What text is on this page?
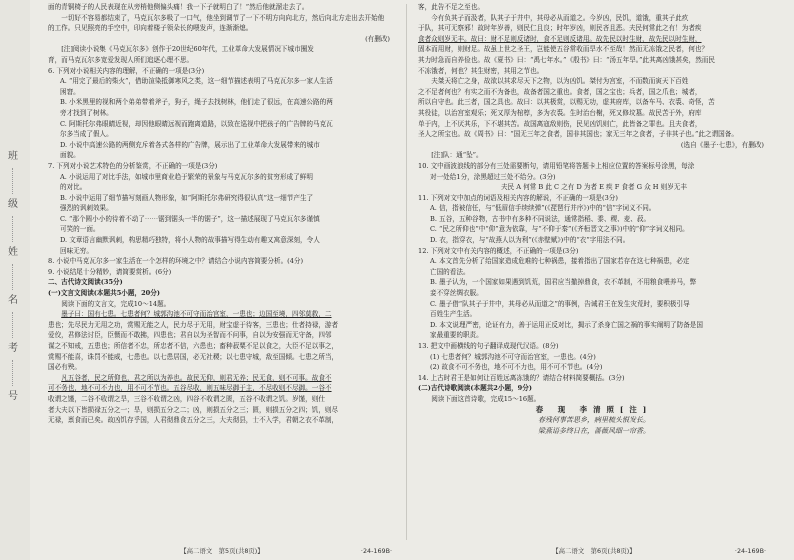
班
级
姓
名
考
号
面的青铜椅子的人民表现在从旁梢他侧偏头痛！我一下子就明白了！”然后他就溜走去了。
一切好不容易都结束了，马克瓦尔多吸了一口气，他坐到调节了一下不明方向向北方，然后向北方走出去开始他
的工作。只见照亮的手空中，印向着楼子领朵长的喂发声，连渐渐熄。
(有删改)
[注]阅读小说集《马克瓦尔多》创作于20世纪60年代，工业革命大发展情况下城市圈发
育，而马克瓦尔多宽爱发现人所们追逐心理不思。
6. 下列对小说相关内容的理解，不正确的一项是(3分)
A. “用完了最后的柴火”，借助渲染抵御寒风之类，这一细节描述表明了马克瓦尔多一家人生活
困窘。
B. 小米黑里的视和两个弟弟带着斧子，狗子，绳子去找树林，他们走了很远，在高速公路的两
旁才找到了树林。
C. 阿斯托尔弗眼睛近视，却因他眼睛远视而跑离道路，以致在巡视中把孩子的广告牌的马克瓦
尔多当成了假人。
D. 小说中高速公路的两侧充斥着各式各样的广告牌，展示出了工业革命大发展带来的城市
面貌。
7. 下列对小说艺术特色的分析鉴赏，不正确的一项是(3分)
A. 小说运用了对比手法，如城市里商业趋于繁荣的景象与马克瓦尔多的贫穷形成了鲜明
的对比。
B. 小说中运用了细节描写刻画人物形象，如“阿斯托尔弗研究得很认真”这一细节产生了
强烈的讽刺效果。
C. “那个圆小小的待着不动了⋯⋯锯到锯头一半的锯子”，这一描述展现了马克瓦尔多谨慎
可笑的一面。
D. 文章语言幽默讽刺，构思精巧独特，将小人物的故事描写得生动有趣又寓意深刻，令人
回味无穷。
8. 小说中马克瓦尔多一家生活在一个怎样的环境之中？请结合小说内容简要分析。(4分)
9. 小说结尾十分精妙，请简要赏析。(6分)
二、古代诗文阅读(35分)
(一)文言文阅读(本题共5小题，20分)
阅读下面的文言文，完成10～14题。
墨子曰：国有七患。七患者何？城郭沟池不可守而治宫室，一患也；边国至境，四邻莫救，二
患也；先尽民力无用之功，赏赐无能之人，民力尽于无用，财宝虚于待客，三患也；仕者持禄，游者
爱佼，君修法讨臣，臣慑而不敢拂，四患也；君自以为圣智而不问事，自以为安强而无守备，四邻
谋之不知戒，五患也；所信者不忠，所忠者不信，六患也；畜种菽粟不足以食之，大臣不足以事之，
赏赐不能喜，诛罚不能威，七患也。以七患居国，必无社稷；以七患守城，敌至国倾。七患之所当，
国必有殃。
凡五谷者，民之所仰也，君之所以为养也。故民无仰，则君无养；民无食，则不可事。故食不
可不务也，地不可不力也，用不可不节也。五谷尽收，则五味尽御于主，不尽收则不尽御。一谷不
收谓之馑，二谷不收谓之旱，三谷不收谓之凶，四谷不收谓之匮，五谷不收谓之饥。岁馑，则仕
者大夫以下皆损禄五分之一；旱，则损五分之二；凶，则损五分之三；匮，则损五分之四；饥，则尽
无禄，禀食而已矣。故凶饥存乎国，人君彻鼎食五分之三，大夫彻县，士不入学，君朝之衣不革制，
客，此告不足之至也。
今有负其子而汲者，队其子于井中，其母必从而道之。今岁凶，民饥，道饿，重其子此疚
于队，其可无察邪！故时年岁善，则民仁且良；时年岁凶，则民吝且恶。夫民何常此之有！为者疾
食者众则岁无丰。故曰：财不足则反诸时，食不足则反诸用。故先民以时生财，故先民以时生财，
固本而用财，则财足。故虽上世之圣王，岂能使五谷常收而旱水不至哉！然而无冻饿之民者，何也？
其力时急而自养俭也。故《夏书》曰：“禹七年水。”《殷书》曰：“汤五年旱。”此其离凶饿甚矣，然而民
不冻饿者，何也？其生财密，其用之节也。
夫桀天将亡之身，故欲以其求尽天下之物，以为凶饥。桀付为宫室，不而数而寅天下百姓
之不足者何也？有实之而不为备也，故备者国之重也。食者，国之宝也；兵者，国之爪也；城者，
所以自守也。此三者，国之具也。故曰：以其极赏，以赐无功，虚其府库，以备车马、衣裘、奇怪，苦
其役徒，以治宫室观乐；死又厚为棺椁，多为衣裘。生时治台榭，死又修坟墓。故民苦于外，府库
单于内，上不厌其乐，下不堪其苦。故国离寇敌则伤，民见凶饥则亡，此皆备之罪也。且夫食者，
圣人之所宝也。故《周书》曰：“国无三年之食者，国非其国也；家无三年之食者，子非其子也。”此之谓国备。
(选自《墨子·七患》，有删改)
[注]队：通“坠”。
10. 文中画波浪线的部分有三处需要断句，请用铅笔将答题卡上相应位置的答案标号涂黑，每涂
对一处给1分，涂黑超过三处不给分。(3分)
夫民 A 何常 B 此 C 之有 D 为者 E 疾 F 食者 G 众 H 则岁无丰
11. 下列对文中加点的词语及相关内容的解说，不正确的一项是(3分)
A. 信，指被信任，与“低眉信手续续弹”(《琵琶行并序》)中的“信”字词义不同。
B. 五谷，五种谷物，古书中有多种不同说法，通常指稻、黍、稷、麦、菽。
C. “民之所仰也”中“仰”意为依靠，与“不仰于秦”(《齐桓晋文之事》)中的“仰”字词义相同。
D. 衣，指穿衣，与“故燕人以为利”(《赤壁赋》)中的“衣”字用法不同。
12. 下列对文中有关内容的概述，不正确的一项是(3分)
A. 本文首先分析了给国家造成危难的七种祸患，接着指出了国家若存在这七种祸患，必定
亡国的看法。
B. 墨子认为，一个国家如果遇到饥荒，国君应当撤掉鼎食，衣不革制，不用粮食喂养马，弊
妾不穿丝绸衣服。
C. 墨子借“队其子于井中，其母必从而道之”的事例，告诫君王在发生灾荒时，要积极引导
百姓生产生活。
D. 本文说理严密，论证有力，善于运用正反对比，揭示了杀身亡国之祸的事实阐明了防备是国
家最重要的职责。
13. 把文中画横线的句子翻译成现代汉语。(8分)
(1) 七患者何？城郭沟池不可守而治宫室，一患也。(4分)
(2) 故食不可不务也，地不可不力也，用不可不节也。(4分)
14. 上古时君王是如何让百姓远离冻饿的？请结合材料简要概括。(3分)
(二)古代诗歌阅读(本题共2小题，9分)
阅读下面这首诗歌，完成15～16题。
春 现 李清照[注]
春残何事苦思乡，病里梳头恨发长。
梁燕语多终日在，蔷薇风细一帘香。
【高二语文　第5页(共8页)】	·24-169B·	【高二语文　第6页(共8页)】	·24-169B·
